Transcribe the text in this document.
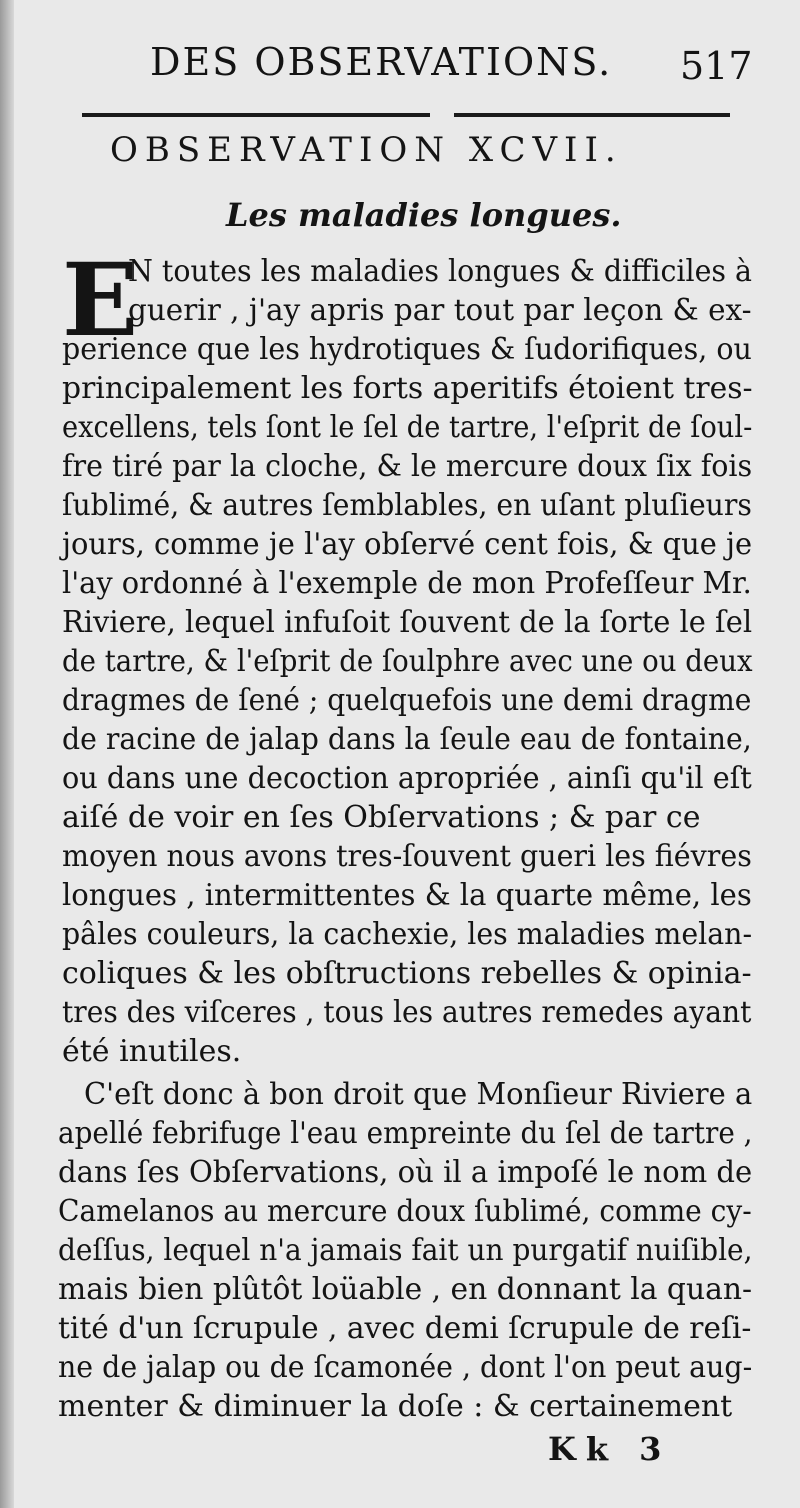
DES OBSERVATIONS. 517
OBSERVATION XCVII.
Les maladies longues.
E
N toutes les maladies longues & difficiles à
guerir , j'ay apris par tout par leçon & ex-
perience que les hydrotiques & ſudorifiques, ou
principalement les forts aperitifs étoient tres-
excellens, tels ſont le ſel de tartre, l'eſprit de ſoul-
fre tiré par la cloche, & le mercure doux ſix fois
ſublimé, & autres ſemblables, en uſant pluſieurs
jours, comme je l'ay obſervé cent fois, & que je
l'ay ordonné à l'exemple de mon Profeſſeur Mr.
Riviere, lequel infuſoit ſouvent de la ſorte le ſel
de tartre, & l'eſprit de ſoulphre avec une ou deux
dragmes de ſené ; quelquefois une demi dragme
de racine de jalap dans la ſeule eau de fontaine,
ou dans une decoction apropriée , ainſi qu'il eſt
aiſé de voir en ſes Obſervations ; & par ce
moyen nous avons tres-ſouvent gueri les fiévres
longues , intermittentes & la quarte même, les
pâles couleurs, la cachexie, les maladies melan-
coliques & les obſtructions rebelles & opinia-
tres des viſceres , tous les autres remedes ayant
été inutiles.
C'eſt donc à bon droit que Monſieur Riviere a
apellé febrifuge l'eau empreinte du ſel de tartre ,
dans ſes Obſervations, où il a impoſé le nom de
Camelanos au mercure doux ſublimé, comme cy-
deſſus, lequel n'a jamais fait un purgatif nuiſible,
mais bien plûtôt loüable , en donnant la quan-
tité d'un ſcrupule , avec demi ſcrupule de reſi-
ne de jalap ou de ſcamonée , dont l'on peut aug-
menter & diminuer la doſe : & certainement
Kk 3
